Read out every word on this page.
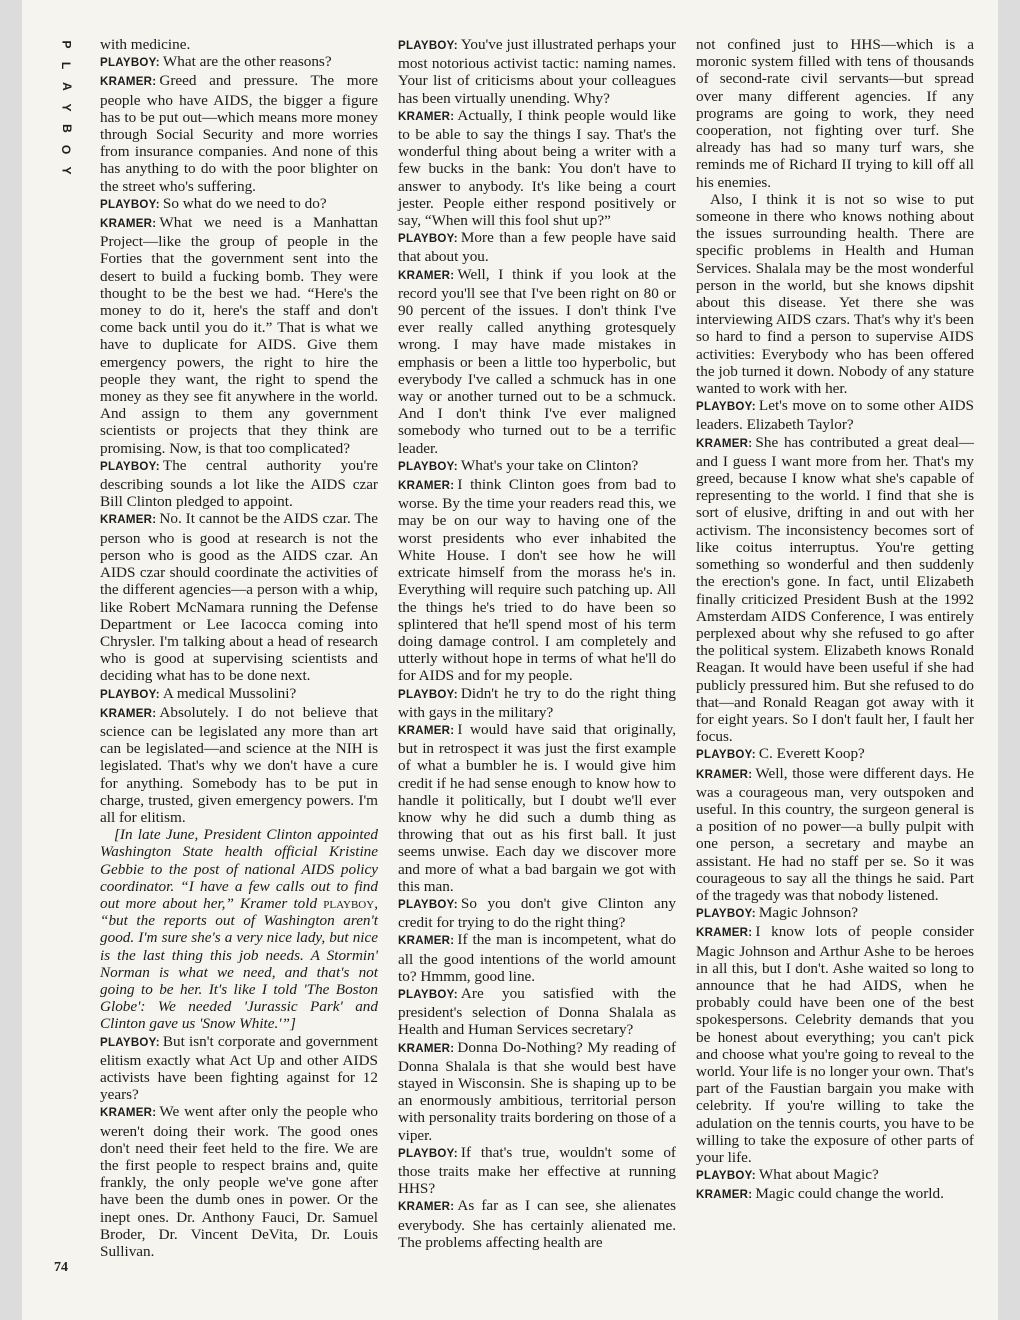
P
L
A
Y
B
O
Y

with medicine.

PLAYBOY: What are the other reasons?

KRAMER: Greed and pressure. The more people who have AIDS, the bigger a figure has to be put out—which means more money through Social Security and more worries from insurance companies. And none of this has anything to do with the poor blighter on the street who's suffering.

PLAYBOY: So what do we need to do?

KRAMER: What we need is a Manhattan Project—like the group of people in the Forties that the government sent into the desert to build a fucking bomb. They were thought to be the best we had. “Here's the money to do it, here's the staff and don't come back until you do it.” That is what we have to duplicate for AIDS. Give them emergency powers, the right to hire the people they want, the right to spend the money as they see fit anywhere in the world. And assign to them any government scientists or projects that they think are promising. Now, is that too complicated?

PLAYBOY: The central authority you're describing sounds a lot like the AIDS czar Bill Clinton pledged to appoint.

KRAMER: No. It cannot be the AIDS czar. The person who is good at research is not the person who is good as the AIDS czar. An AIDS czar should coordinate the activities of the different agencies—a person with a whip, like Robert McNamara running the Defense Department or Lee Iacocca coming into Chrysler. I'm talking about a head of research who is good at supervising scientists and deciding what has to be done next.

PLAYBOY: A medical Mussolini?

KRAMER: Absolutely. I do not believe that science can be legislated any more than art can be legislated—and science at the NIH is legislated. That's why we don't have a cure for anything. Somebody has to be put in charge, trusted, given emergency powers. I'm all for elitism.

[In late June, President Clinton appointed Washington State health official Kristine Gebbie to the post of national AIDS policy coordinator. “I have a few calls out to find out more about her,” Kramer told playboy, “but the reports out of Washington aren't good. I'm sure she's a very nice lady, but nice is the last thing this job needs. A Stormin' Norman is what we need, and that's not going to be her. It's like I told 'The Boston Globe': We needed 'Jurassic Park' and Clinton gave us 'Snow White.'”]

PLAYBOY: But isn't corporate and government elitism exactly what Act Up and other AIDS activists have been fighting against for 12 years?

KRAMER: We went after only the people who weren't doing their work. The good ones don't need their feet held to the fire. We are the first people to respect brains and, quite frankly, the only people we've gone after have been the dumb ones in power. Or the inept ones. Dr. Anthony Fauci, Dr. Samuel Broder, Dr. Vincent DeVita, Dr. Louis Sullivan.

PLAYBOY: You've just illustrated perhaps your most notorious activist tactic: naming names. Your list of criticisms about your colleagues has been virtually unending. Why?

KRAMER: Actually, I think people would like to be able to say the things I say. That's the wonderful thing about being a writer with a few bucks in the bank: You don't have to answer to anybody. It's like being a court jester. People either respond positively or say, “When will this fool shut up?”

PLAYBOY: More than a few people have said that about you.

KRAMER: Well, I think if you look at the record you'll see that I've been right on 80 or 90 percent of the issues. I don't think I've ever really called anything grotesquely wrong. I may have made mistakes in emphasis or been a little too hyperbolic, but everybody I've called a schmuck has in one way or another turned out to be a schmuck. And I don't think I've ever maligned somebody who turned out to be a terrific leader.

PLAYBOY: What's your take on Clinton?

KRAMER: I think Clinton goes from bad to worse. By the time your readers read this, we may be on our way to having one of the worst presidents who ever inhabited the White House. I don't see how he will extricate himself from the morass he's in. Everything will require such patching up. All the things he's tried to do have been so splintered that he'll spend most of his term doing damage control. I am completely and utterly without hope in terms of what he'll do for AIDS and for my people.

PLAYBOY: Didn't he try to do the right thing with gays in the military?

KRAMER: I would have said that originally, but in retrospect it was just the first example of what a bumbler he is. I would give him credit if he had sense enough to know how to handle it politically, but I doubt we'll ever know why he did such a dumb thing as throwing that out as his first ball. It just seems unwise. Each day we discover more and more of what a bad bargain we got with this man.

PLAYBOY: So you don't give Clinton any credit for trying to do the right thing?

KRAMER: If the man is incompetent, what do all the good intentions of the world amount to? Hmmm, good line.

PLAYBOY: Are you satisfied with the president's selection of Donna Shalala as Health and Human Services secretary?

KRAMER: Donna Do-Nothing? My reading of Donna Shalala is that she would best have stayed in Wisconsin. She is shaping up to be an enormously ambitious, territorial person with personality traits bordering on those of a viper.

PLAYBOY: If that's true, wouldn't some of those traits make her effective at running HHS?

KRAMER: As far as I can see, she alienates everybody. She has certainly alienated me. The problems affecting health are

not confined just to HHS—which is a moronic system filled with tens of thousands of second-rate civil servants—but spread over many different agencies. If any programs are going to work, they need cooperation, not fighting over turf. She already has had so many turf wars, she reminds me of Richard II trying to kill off all his enemies.

Also, I think it is not so wise to put someone in there who knows nothing about the issues surrounding health. There are specific problems in Health and Human Services. Shalala may be the most wonderful person in the world, but she knows dipshit about this disease. Yet there she was interviewing AIDS czars. That's why it's been so hard to find a person to supervise AIDS activities: Everybody who has been offered the job turned it down. Nobody of any stature wanted to work with her.

PLAYBOY: Let's move on to some other AIDS leaders. Elizabeth Taylor?

KRAMER: She has contributed a great deal—and I guess I want more from her. That's my greed, because I know what she's capable of representing to the world. I find that she is sort of elusive, drifting in and out with her activism. The inconsistency becomes sort of like coitus interruptus. You're getting something so wonderful and then suddenly the erection's gone. In fact, until Elizabeth finally criticized President Bush at the 1992 Amsterdam AIDS Conference, I was entirely perplexed about why she refused to go after the political system. Elizabeth knows Ronald Reagan. It would have been useful if she had publicly pressured him. But she refused to do that—and Ronald Reagan got away with it for eight years. So I don't fault her, I fault her focus.

PLAYBOY: C. Everett Koop?

KRAMER: Well, those were different days. He was a courageous man, very outspoken and useful. In this country, the surgeon general is a position of no power—a bully pulpit with one person, a secretary and maybe an assistant. He had no staff per se. So it was courageous to say all the things he said. Part of the tragedy was that nobody listened.

PLAYBOY: Magic Johnson?

KRAMER: I know lots of people consider Magic Johnson and Arthur Ashe to be heroes in all this, but I don't. Ashe waited so long to announce that he had AIDS, when he probably could have been one of the best spokespersons. Celebrity demands that you be honest about everything; you can't pick and choose what you're going to reveal to the world. Your life is no longer your own. That's part of the Faustian bargain you make with celebrity. If you're willing to take the adulation on the tennis courts, you have to be willing to take the exposure of other parts of your life.

PLAYBOY: What about Magic?

KRAMER: Magic could change the world.

74
